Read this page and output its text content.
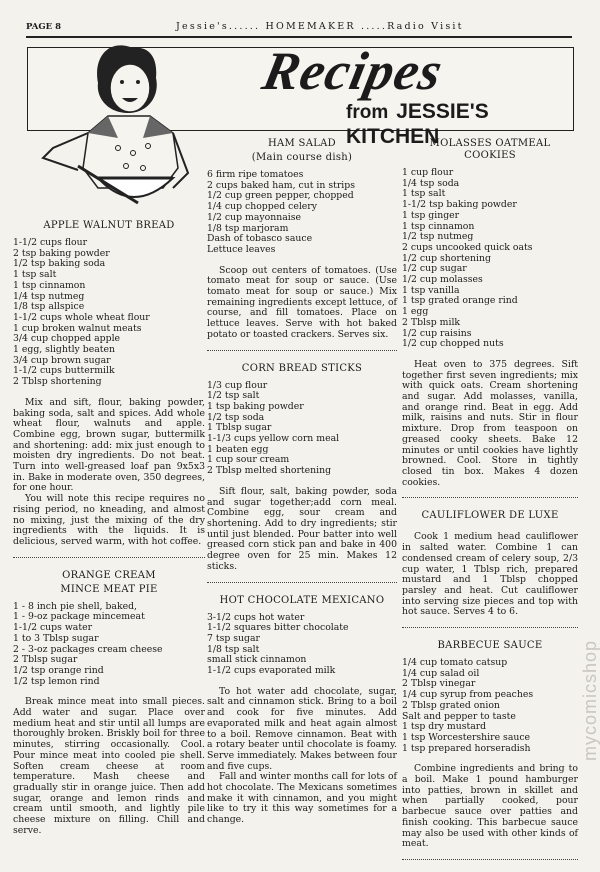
PAGE 8	Jessie's...... HOMEMAKER .....Radio Visit
Recipes
from JESSIE'S KITCHEN
APPLE WALNUT BREAD
1-1/2 cups flour
2 tsp baking powder
1/2 tsp baking soda
1 tsp salt
1 tsp cinnamon
1/4 tsp nutmeg
1/8 tsp allspice
1-1/2 cups whole wheat flour
1 cup broken walnut meats
3/4 cup chopped apple
1 egg, slightly beaten
3/4 cup brown sugar
1-1/2 cups buttermilk
2 Tblsp shortening

Mix and sift, flour, baking powder, baking soda, salt and spices. Add whole wheat flour, walnuts and apple. Combine egg, brown sugar, buttermilk and shortening: add: mix just enough to moisten dry ingredients. Do not beat. Turn into well-greased loaf pan 9x5x3 in. Bake in moderate oven, 350 degrees, for one hour.

You will note this recipe requires no rising period, no kneading, and almost no mixing, just the mixing of the dry ingredients with the liquids. It is delicious, served warm, with hot coffee.

ORANGE CREAM
MINCE MEAT PIE
1 - 8 inch pie shell, baked,
1 - 9-oz package mincemeat
1-1/2 cups water
1 to 3 Tblsp sugar
2 - 3-oz packages cream cheese
2 Tblsp sugar
1/2 tsp orange rind
1/2 tsp lemon rind

Break mince meat into small pieces. Add water and sugar. Place over medium heat and stir until all lumps are thoroughly broken. Briskly boil for three minutes, stirring occasionally. Cool. Pour mince meat into cooled pie shell. Soften cream cheese at room temperature. Mash cheese and gradually stir in orange juice. Then add sugar, orange and lemon rinds and cream until smooth, and lightly pile cheese mixture on filling. Chill and serve.

HAM SALAD
(Main course dish)
6 firm ripe tomatoes
2 cups baked ham, cut in strips
1/2 cup green pepper, chopped
1/4 cup chopped celery
1/2 cup mayonnaise
1/8 tsp marjoram
Dash of tobasco sauce
Lettuce leaves

Scoop out centers of tomatoes. (Use tomato meat for soup or sauce. (Use tomato meat for soup or sauce.) Mix remaining ingredients except lettuce, of course, and fill tomatoes. Place on lettuce leaves. Serve with hot baked potato or toasted crackers. Serves six.

CORN BREAD STICKS
1/3 cup flour
1/2 tsp salt
1 tsp baking powder
1/2 tsp soda
1 Tblsp sugar
1-1/3 cups yellow corn meal
1 beaten egg
1 cup sour cream
2 Tblsp melted shortening

Sift flour, salt, baking powder, soda and sugar together;add corn meal. Combine egg, sour cream and shortening. Add to dry ingredients; stir until just blended. Pour batter into well greased corn stick pan and bake in 400 degree oven for 25 min. Makes 12 sticks.

HOT CHOCOLATE MEXICANO
3-1/2 cups hot water
1-1/2 squares bitter chocolate
7 tsp sugar
1/8 tsp salt
small stick cinnamon
1-1/2 cups evaporated milk

To hot water add chocolate, sugar, salt and cinnamon stick. Bring to a boil and cook for five minutes. Add evaporated milk and heat again almost to a boil. Remove cinnamon. Beat with a rotary beater until chocolate is foamy. Serve immediately. Makes between four and five cups.

Fall and winter months call for lots of hot chocolate. The Mexicans sometimes make it with cinnamon, and you might like to try it this way sometimes for a change.

MOLASSES OATMEAL COOKIES
1 cup flour
1/4 tsp soda
1 tsp salt
1-1/2 tsp baking powder
1 tsp ginger
1 tsp cinnamon
1/2 tsp nutmeg
2 cups uncooked quick oats
1/2 cup shortening
1/2 cup sugar
1/2 cup molasses
1 tsp vanilla
1 tsp grated orange rind
1 egg
2 Tblsp milk
1/2 cup raisins
1/2 cup chopped nuts

Heat oven to 375 degrees. Sift together first seven ingredients; mix with quick oats. Cream shortening and sugar. Add molasses, vanilla, and orange rind. Beat in egg. Add milk, raisins and nuts. Stir in flour mixture. Drop from teaspoon on greased cooky sheets. Bake 12 minutes or until cookies have lightly browned. Cool. Store in tightly closed tin box. Makes 4 dozen cookies.

CAULIFLOWER DE LUXE

Cook 1 medium head cauliflower in salted water. Combine 1 can condensed cream of celery soup, 2/3 cup water, 1 Tblsp rich, prepared mustard and 1 Tblsp chopped parsley and heat. Cut cauliflower into serving size pieces and top with hot sauce. Serves 4 to 6.

BARBECUE SAUCE
1/4 cup tomato catsup
1/4 cup salad oil
2 Tblsp vinegar
1/4 cup syrup from peaches
2 Tblsp grated onion
Salt and pepper to taste
1 tsp dry mustard
1 tsp Worcestershire sauce
1 tsp prepared horseradish

Combine ingredients and bring to a boil. Make 1 pound hamburger into patties, brown in skillet and when partially cooked, pour barbecue sauce over patties and finish cooking. This barbecue sauce may also be used with other kinds of meat.

mycomicshop
